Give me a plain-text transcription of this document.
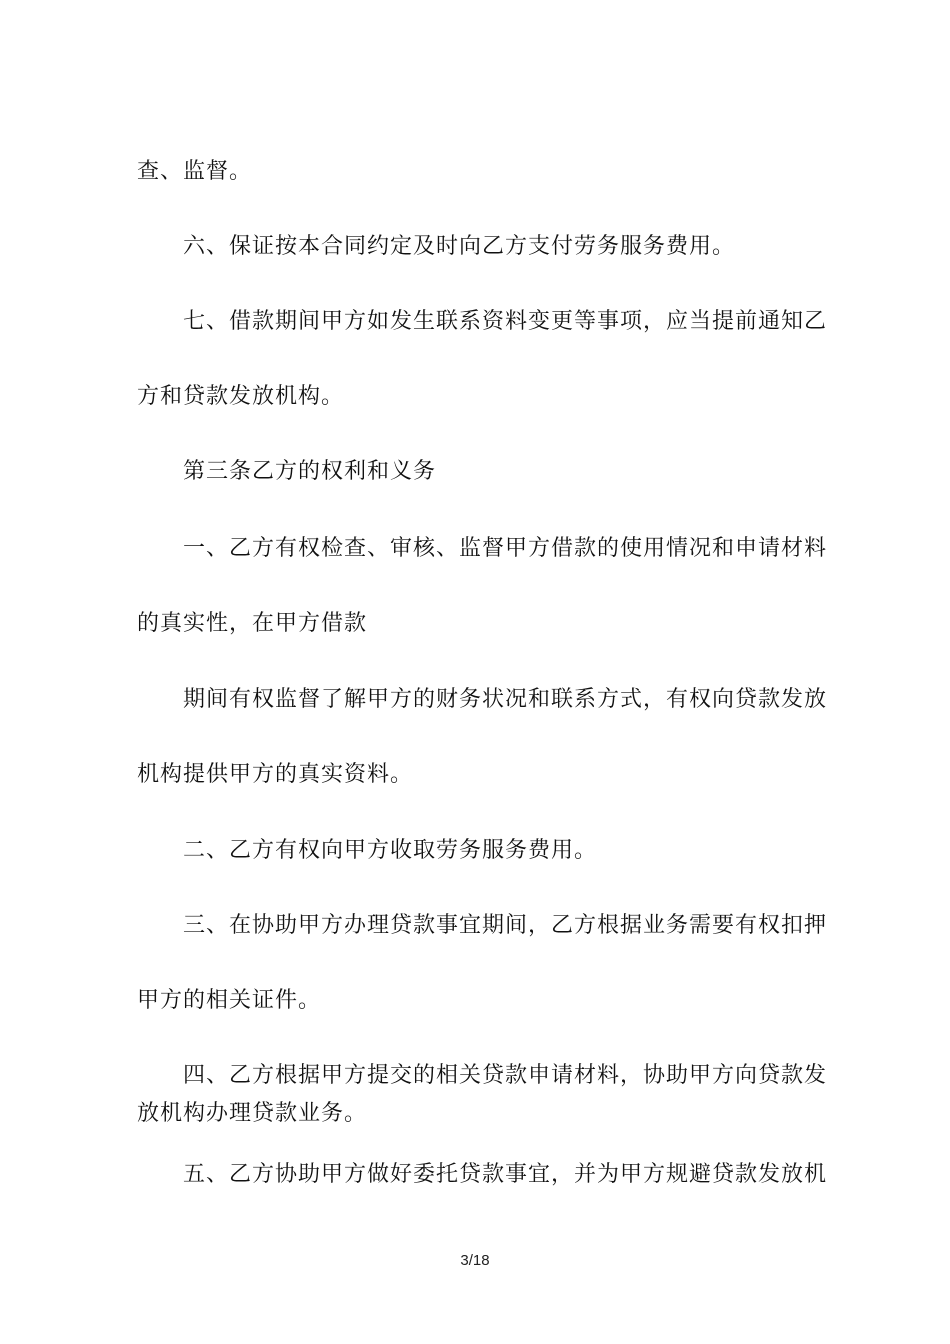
查、监督。
六、保证按本合同约定及时向乙方支付劳务服务费用。
七、借款期间甲方如发生联系资料变更等事项，应当提前通知乙
方和贷款发放机构。
第三条乙方的权利和义务
一、乙方有权检查、审核、监督甲方借款的使用情况和申请材料
的真实性，在甲方借款
期间有权监督了解甲方的财务状况和联系方式，有权向贷款发放
机构提供甲方的真实资料。
二、乙方有权向甲方收取劳务服务费用。
三、在协助甲方办理贷款事宜期间，乙方根据业务需要有权扣押
甲方的相关证件。
四、乙方根据甲方提交的相关贷款申请材料，协助甲方向贷款发
放机构办理贷款业务。
五、乙方协助甲方做好委托贷款事宜，并为甲方规避贷款发放机
3/18
